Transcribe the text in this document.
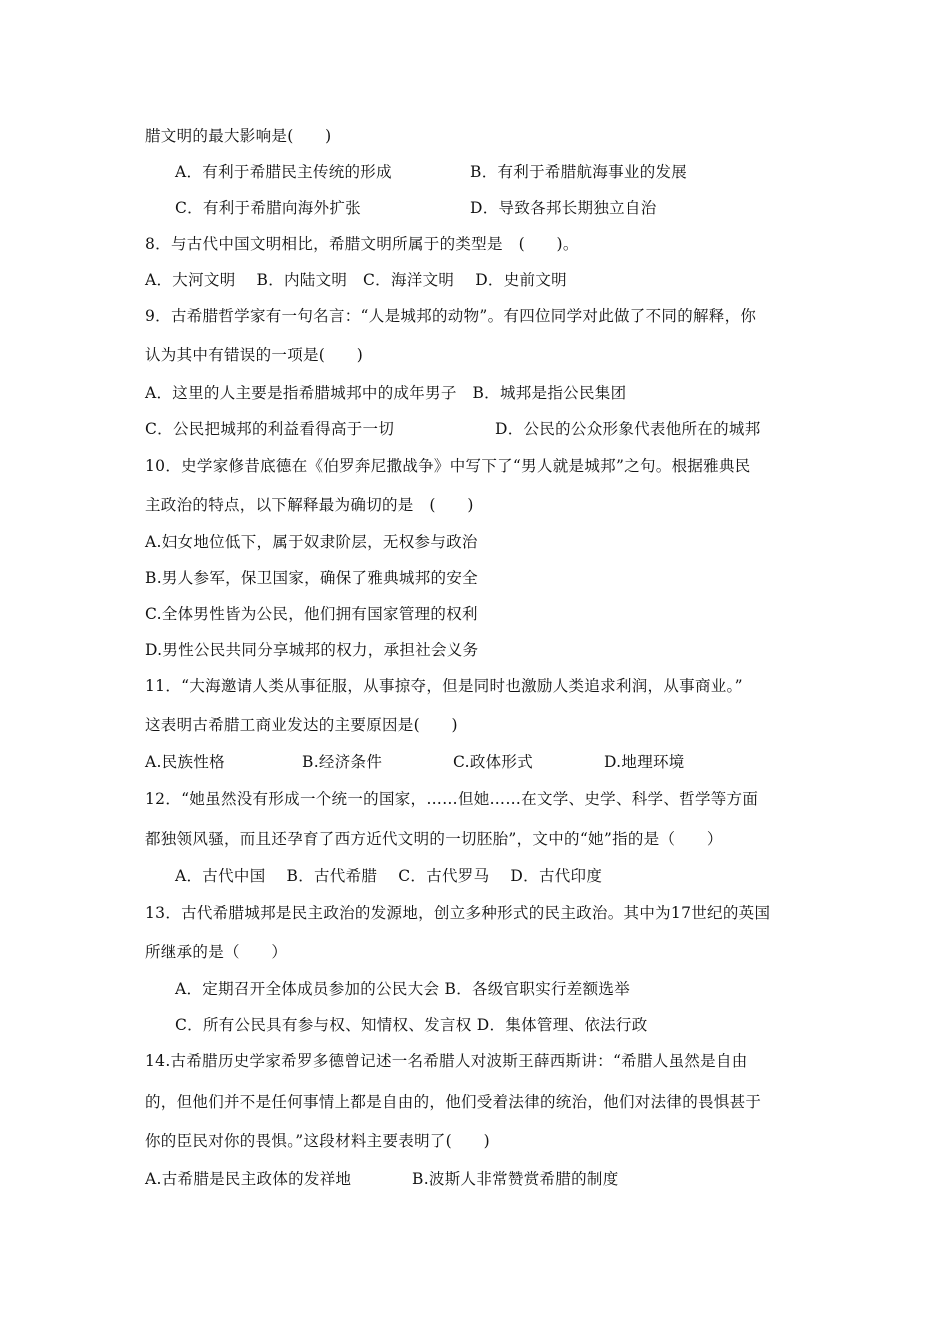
腊文明的最大影响是(　　)

A．有利于希腊民主传统的形成

	B．有利于希腊航海事业的发展

C．有利于希腊向海外扩张

	D．导致各邦长期独立自治

8．与古代中国文明相比，希腊文明所属于的类型是　(　　)。
A．大河文明　 B．内陆文明　C．海洋文明　 D．史前文明
9．古希腊哲学家有一句名言：“人是城邦的动物”。有四位同学对此做了不同的解释，你
认为其中有错误的一项是(　　)
A．这里的人主要是指希腊城邦中的成年男子　B．城邦是指公民集团

C．公民把城邦的利益看得高于一切

	D．公民的公众形象代表他所在的城邦

10．史学家修昔底德在《伯罗奔尼撒战争》中写下了“男人就是城邦”之句。根据雅典民
主政治的特点，以下解释最为确切的是　(　　)
A.妇女地位低下，属于奴隶阶层，无权参与政治
B.男人参军，保卫国家，确保了雅典城邦的安全
C.全体男性皆为公民，他们拥有国家管理的权利
D.男性公民共同分享城邦的权力，承担社会义务
11．“大海邀请人类从事征服，从事掠夺，但是同时也激励人类追求利润，从事商业。”
这表明古希腊工商业发达的主要原因是(　　)

A.民族性格

	B.经济条件

	C.政体形式

	D.地理环境

12．“她虽然没有形成一个统一的国家，……但她……在文学、史学、科学、哲学等方面
都独领风骚，而且还孕育了西方近代文明的一切胚胎”，文中的“她”指的是（　　）
A．古代中国　 B．古代希腊　 C．古代罗马　 D．古代印度
13．古代希腊城邦是民主政治的发源地，创立多种形式的民主政治。其中为17世纪的英国
所继承的是（　　）
A．定期召开全体成员参加的公民大会 B．各级官职实行差额选举
C．所有公民具有参与权、知情权、发言权 D．集体管理、依法行政
14.古希腊历史学家希罗多德曾记述一名希腊人对波斯王薛西斯讲：“希腊人虽然是自由
的，但他们并不是任何事情上都是自由的，他们受着法律的统治，他们对法律的畏惧甚于
你的臣民对你的畏惧。”这段材料主要表明了(　　)

A.古希腊是民主政体的发祥地

	B.波斯人非常赞赏希腊的制度
